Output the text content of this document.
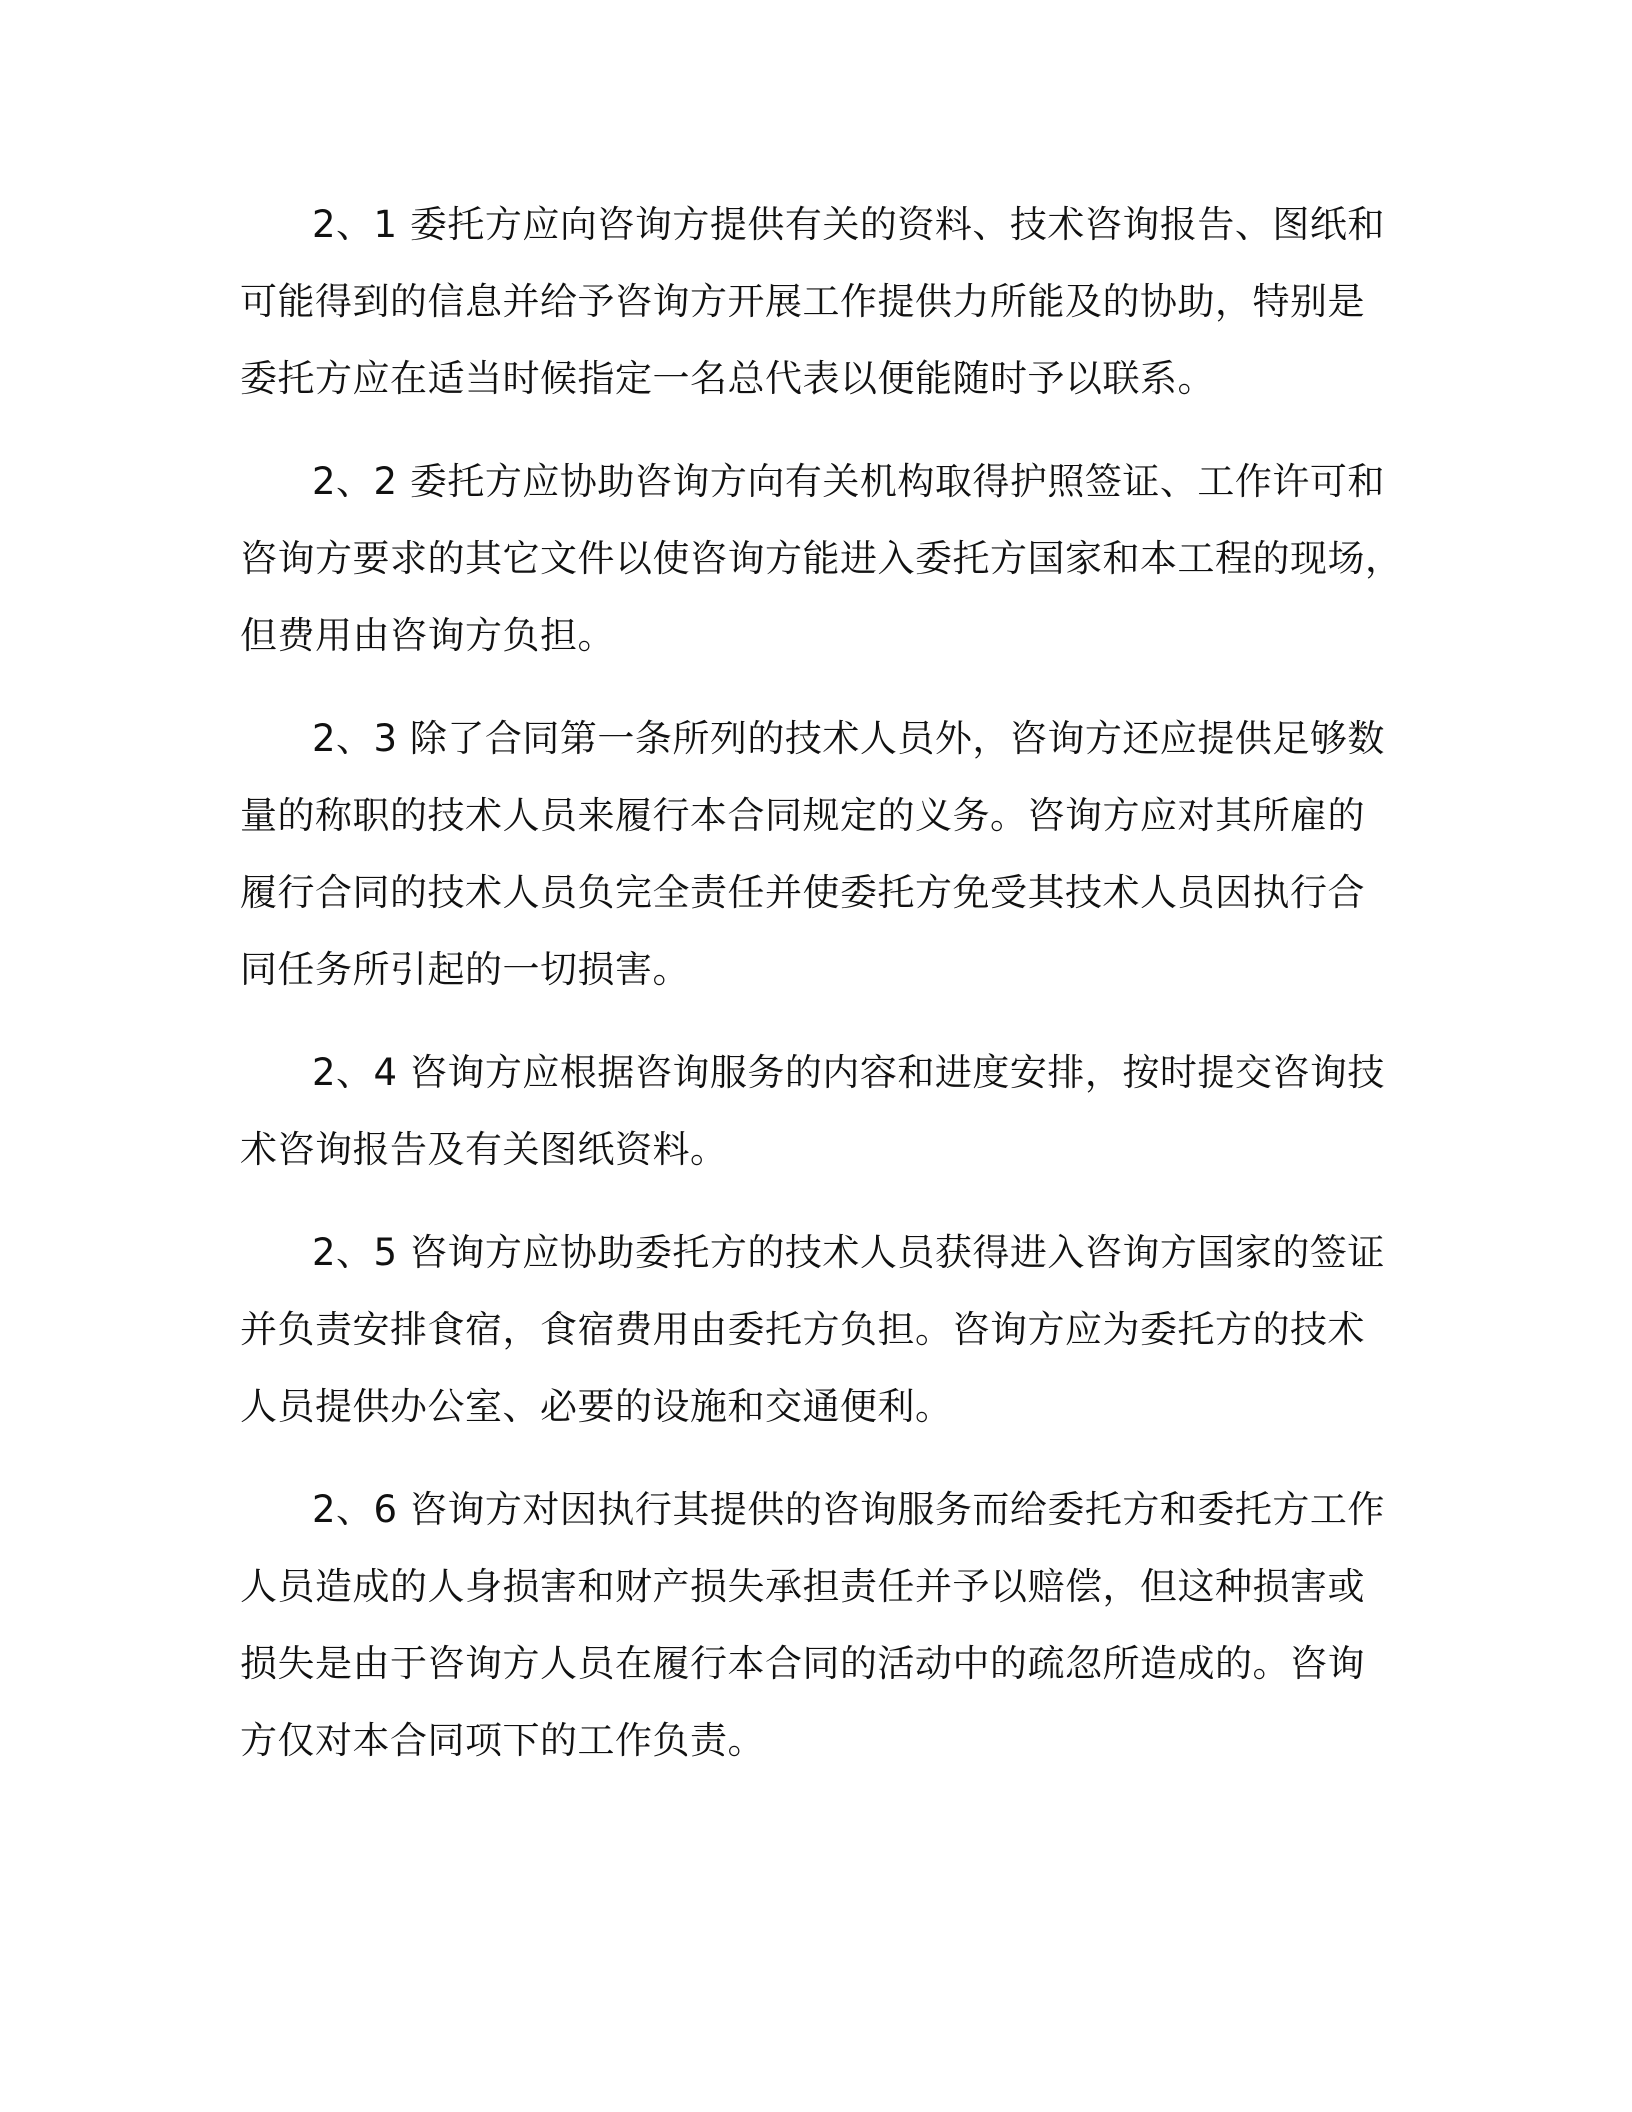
2、1 委托方应向咨询方提供有关的资料、技术咨询报告、图纸和
可能得到的信息并给予咨询方开展工作提供力所能及的协助，特别是
委托方应在适当时候指定一名总代表以便能随时予以联系。
2、2 委托方应协助咨询方向有关机构取得护照签证、工作许可和
咨询方要求的其它文件以使咨询方能进入委托方国家和本工程的现场，
但费用由咨询方负担。
2、3 除了合同第一条所列的技术人员外，咨询方还应提供足够数
量的称职的技术人员来履行本合同规定的义务。咨询方应对其所雇的
履行合同的技术人员负完全责任并使委托方免受其技术人员因执行合
同任务所引起的一切损害。
2、4 咨询方应根据咨询服务的内容和进度安排，按时提交咨询技
术咨询报告及有关图纸资料。
2、5 咨询方应协助委托方的技术人员获得进入咨询方国家的签证
并负责安排食宿，食宿费用由委托方负担。咨询方应为委托方的技术
人员提供办公室、必要的设施和交通便利。
2、6 咨询方对因执行其提供的咨询服务而给委托方和委托方工作
人员造成的人身损害和财产损失承担责任并予以赔偿，但这种损害或
损失是由于咨询方人员在履行本合同的活动中的疏忽所造成的。咨询
方仅对本合同项下的工作负责。
